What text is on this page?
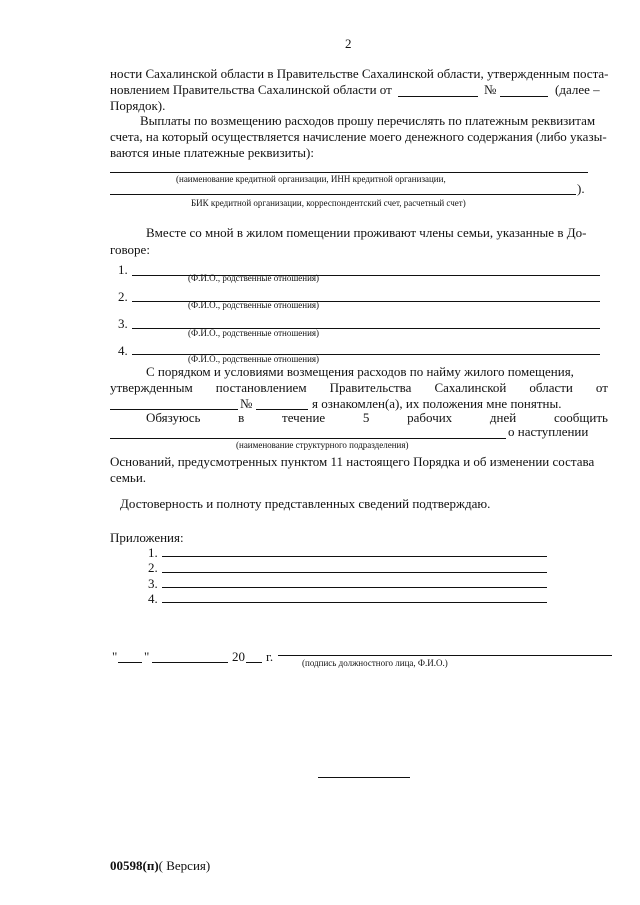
2
ности Сахалинской области в Правительстве Сахалинской области, утвержденным поста-
новлением Правительства Сахалинской области от	№	(далее –
Порядок).
Выплаты по возмещению расходов прошу перечислять по платежным реквизитам
счета, на который осуществляется начисление моего денежного содержания (либо указы-
ваются иные платежные реквизиты):
(наименование кредитной организации, ИНН кредитной организации,
).
БИК кредитной организации, корреспондентский счет, расчетный счет)
Вместе со мной в жилом помещении проживают члены семьи, указанные в До-
говоре:
1.
(Ф.И.О., родственные отношения)
2.
(Ф.И.О., родственные отношения)
3.
(Ф.И.О., родственные отношения)
4.
(Ф.И.О., родственные отношения)
С порядком и условиями возмещения расходов по найму жилого помещения,
утвержденным постановлением Правительства Сахалинской области от
№	я ознакомлен(а), их положения мне понятны.
Обязуюсь	в	течение	5	рабочих	дней	сообщить
о наступлении
(наименование структурного подразделения)
Оснований, предусмотренных пунктом 11 настоящего Порядка и об изменении состава
семьи.
Достоверность и полноту представленных сведений подтверждаю.
Приложения:
1.
2.
3.
4.
" "	20 г.	(подпись должностного лица, Ф.И.О.)
00598(п)( Версия)
